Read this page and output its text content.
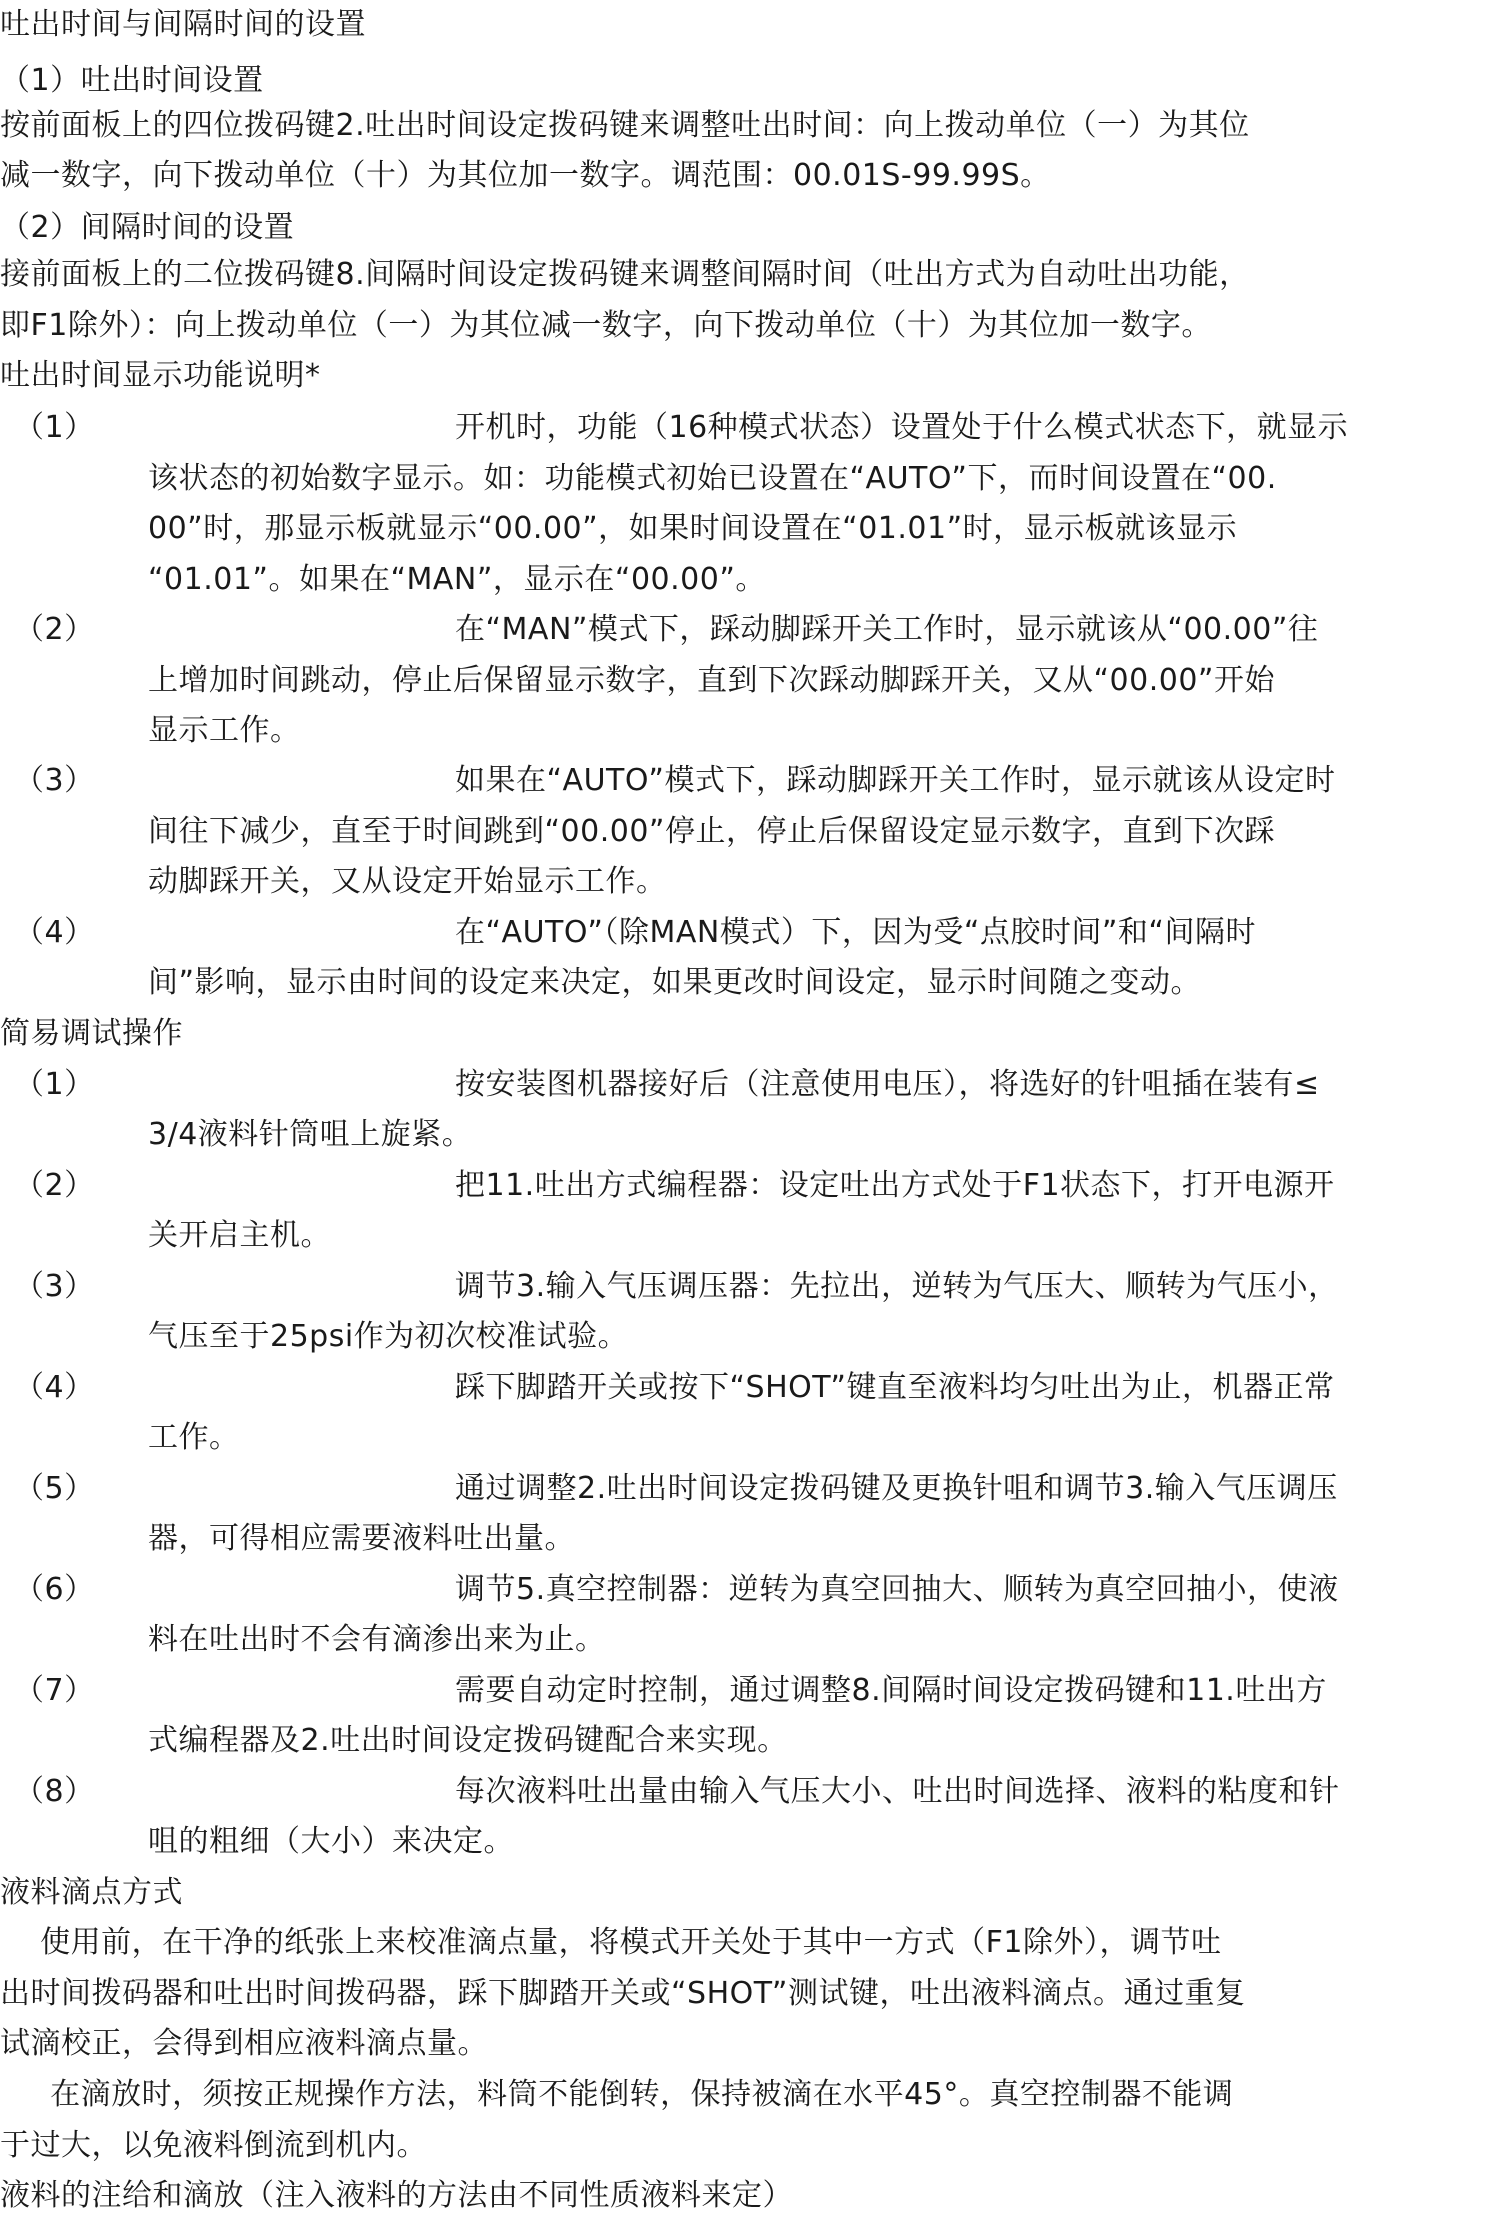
吐出时间与间隔时间的设置
（1）吐出时间设置
按前面板上的四位拨码键2.吐出时间设定拨码键来调整吐出时间：向上拨动单位（一）为其位
减一数字，向下拨动单位（十）为其位加一数字。调范围：00.01S-99.99S。
（2）间隔时间的设置
接前面板上的二位拨码键8.间隔时间设定拨码键来调整间隔时间（吐出方式为自动吐出功能，
即F1除外）：向上拨动单位（一）为其位减一数字，向下拨动单位（十）为其位加一数字。
吐出时间显示功能说明*
（1）	开机时，功能（16种模式状态）设置处于什么模式状态下，就显示
该状态的初始数字显示。如：功能模式初始已设置在“AUTO”下，而时间设置在“00.
00”时，那显示板就显示“00.00”，如果时间设置在“01.01”时，显示板就该显示
“01.01”。如果在“MAN”，显示在“00.00”。
（2）	在“MAN”模式下，踩动脚踩开关工作时，显示就该从“00.00”往
上增加时间跳动，停止后保留显示数字，直到下次踩动脚踩开关，又从“00.00”开始
显示工作。
（3）	如果在“AUTO”模式下，踩动脚踩开关工作时，显示就该从设定时
间往下减少，直至于时间跳到“00.00”停止，停止后保留设定显示数字，直到下次踩
动脚踩开关，又从设定开始显示工作。
（4）	在“AUTO”（除MAN模式）下，因为受“点胶时间”和“间隔时
间”影响，显示由时间的设定来决定，如果更改时间设定，显示时间随之变动。
简易调试操作
（1）	按安装图机器接好后（注意使用电压），将选好的针咀插在装有≤
3/4液料针筒咀上旋紧。
（2）	把11.吐出方式编程器：设定吐出方式处于F1状态下，打开电源开
关开启主机。
（3）	调节3.输入气压调压器：先拉出，逆转为气压大、顺转为气压小，
气压至于25psi作为初次校准试验。
（4）	踩下脚踏开关或按下“SHOT”键直至液料均匀吐出为止，机器正常
工作。
（5）	通过调整2.吐出时间设定拨码键及更换针咀和调节3.输入气压调压
器，可得相应需要液料吐出量。
（6）	调节5.真空控制器：逆转为真空回抽大、顺转为真空回抽小，使液
料在吐出时不会有滴渗出来为止。
（7）	需要自动定时控制，通过调整8.间隔时间设定拨码键和11.吐出方
式编程器及2.吐出时间设定拨码键配合来实现。
（8）	每次液料吐出量由输入气压大小、吐出时间选择、液料的粘度和针
咀的粗细（大小）来决定。
液料滴点方式
使用前，在干净的纸张上来校准滴点量，将模式开关处于其中一方式（F1除外），调节吐
出时间拨码器和吐出时间拨码器，踩下脚踏开关或“SHOT”测试键，吐出液料滴点。通过重复
试滴校正，会得到相应液料滴点量。
在滴放时，须按正规操作方法，料筒不能倒转，保持被滴在水平45°。真空控制器不能调
于过大，以免液料倒流到机内。
液料的注给和滴放（注入液料的方法由不同性质液料来定）
